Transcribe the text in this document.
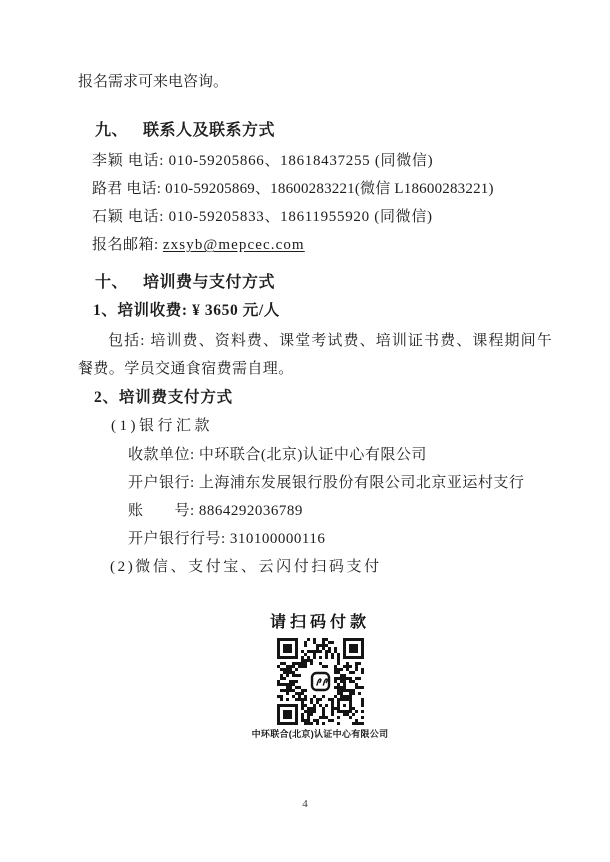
报名需求可来电咨询。

九、 联系人及联系方式

李颖 电话: 010-59205866、18618437255 (同微信)

路君 电话: 010-59205869、18600283221(微信 L18600283221)

石颖 电话: 010-59205833、18611955920 (同微信)

报名邮箱: zxsyb@mepcec.com

十、 培训费与支付方式

1、培训收费: ¥ 3650 元/人

包括: 培训费、资料费、课堂考试费、培训证书费、课程期间午

餐费。学员交通食宿费需自理。

2、培训费支付方式

(1)银行汇款

收款单位: 中环联合(北京)认证中心有限公司

开户银行: 上海浦东发展银行股份有限公司北京亚运村支行

账　　号: 8864292036789

开户银行行号: 310100000116

(2)微信、支付宝、云闪付扫码支付

请扫码付款

中环联合(北京)认证中心有限公司

4
